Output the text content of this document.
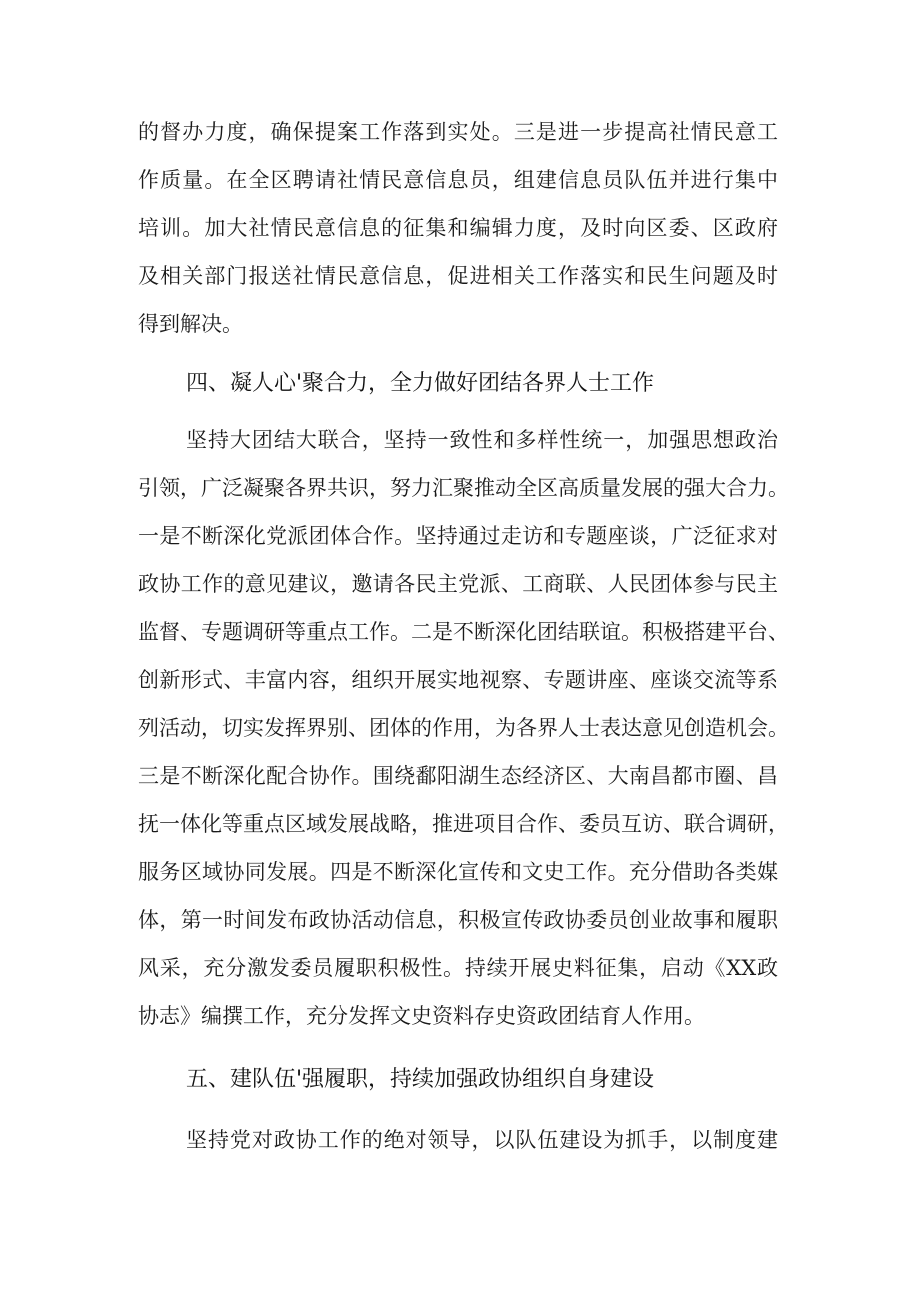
的督办力度，确保提案工作落到实处。三是进一步提高社情民意工
作质量。在全区聘请社情民意信息员，组建信息员队伍并进行集中
培训。加大社情民意信息的征集和编辑力度，及时向区委、区政府
及相关部门报送社情民意信息，促进相关工作落实和民生问题及时
得到解决。
四、凝人心'聚合力，全力做好团结各界人士工作
坚持大团结大联合，坚持一致性和多样性统一，加强思想政治
引领，广泛凝聚各界共识，努力汇聚推动全区高质量发展的强大合力。
一是不断深化党派团体合作。坚持通过走访和专题座谈，广泛征求对
政协工作的意见建议，邀请各民主党派、工商联、人民团体参与民主
监督、专题调研等重点工作。二是不断深化团结联谊。积极搭建平台、
创新形式、丰富内容，组织开展实地视察、专题讲座、座谈交流等系
列活动，切实发挥界别、团体的作用，为各界人士表达意见创造机会。
三是不断深化配合协作。围绕鄱阳湖生态经济区、大南昌都市圈、昌
抚一体化等重点区域发展战略，推进项目合作、委员互访、联合调研，
服务区域协同发展。四是不断深化宣传和文史工作。充分借助各类媒
体，第一时间发布政协活动信息，积极宣传政协委员创业故事和履职
风采，充分激发委员履职积极性。持续开展史料征集，启动《XX政
协志》编撰工作，充分发挥文史资料存史资政团结育人作用。
五、建队伍'强履职，持续加强政协组织自身建设
坚持党对政协工作的绝对领导，以队伍建设为抓手，以制度建
